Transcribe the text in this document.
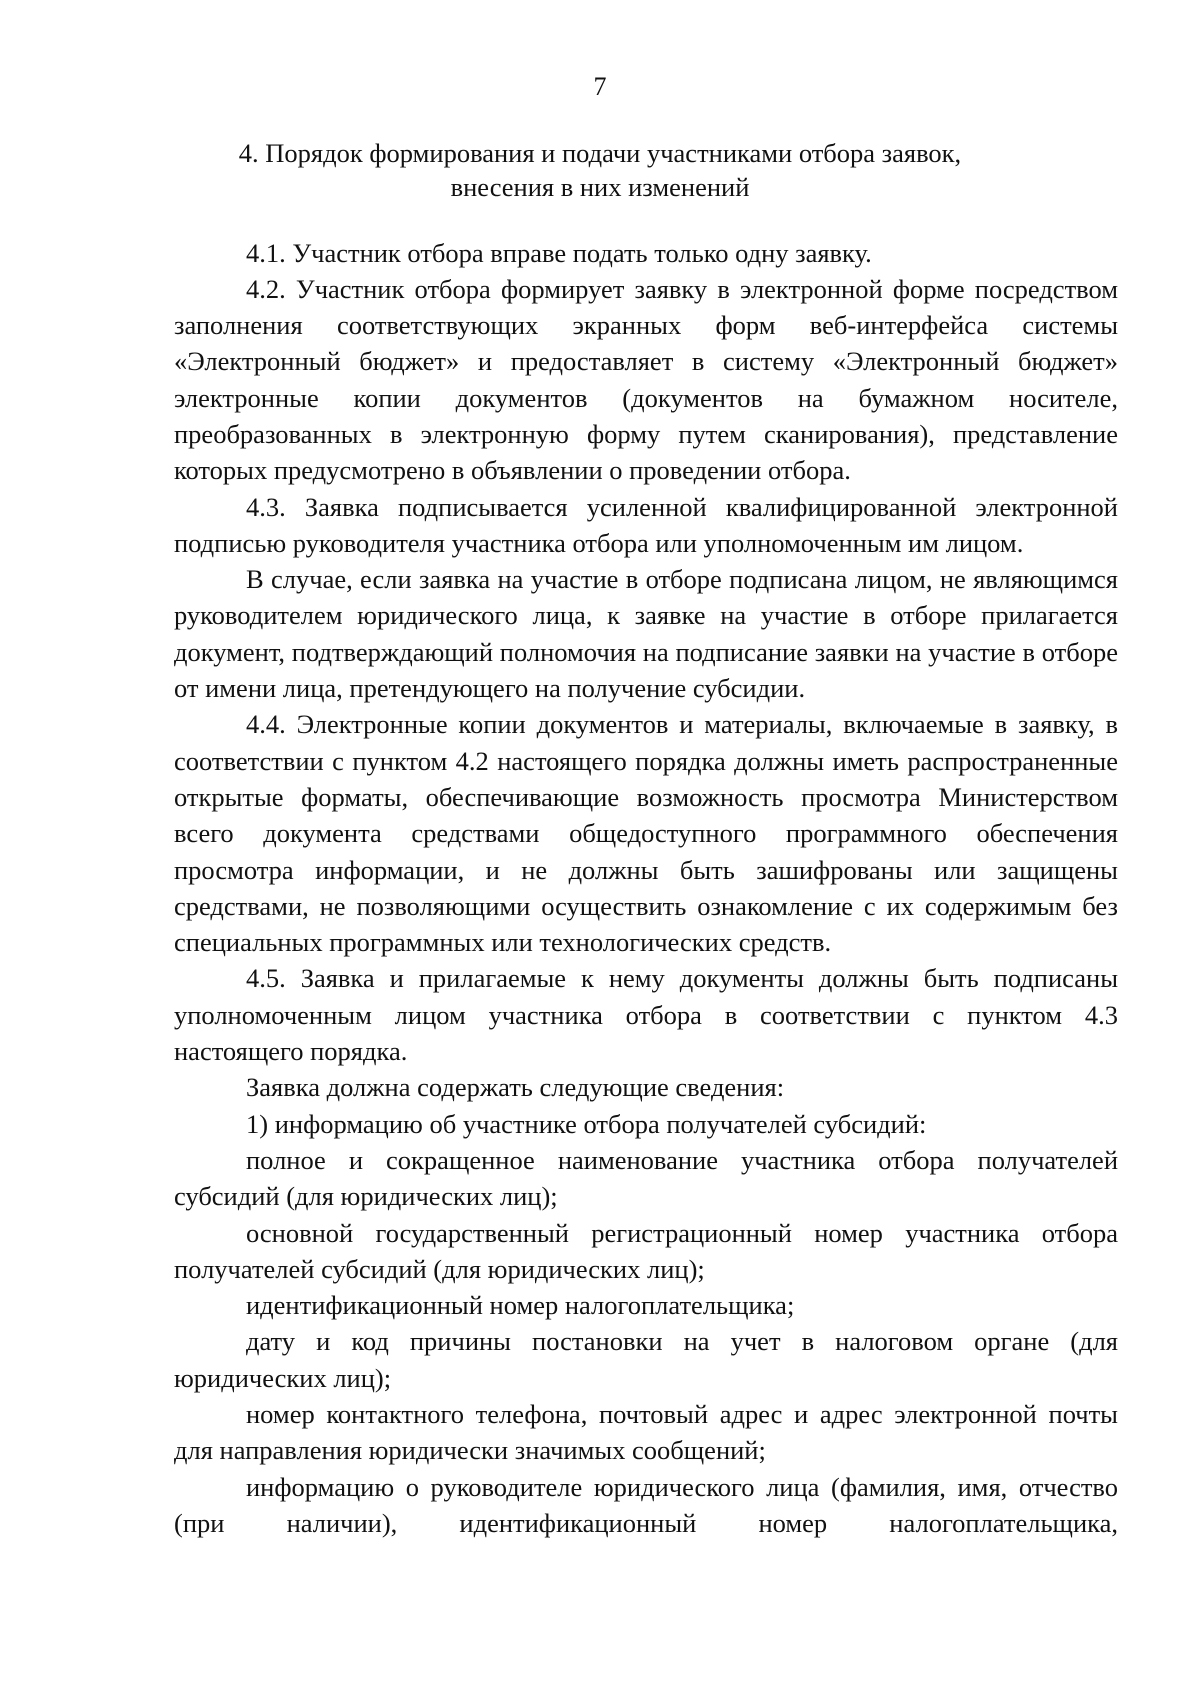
7
4. Порядок формирования и подачи участниками отбора заявок,
внесения в них изменений

4.1. Участник отбора вправе подать только одну заявку.

4.2. Участник отбора формирует заявку в электронной форме посредством заполнения соответствующих экранных форм веб-интерфейса системы «Электронный бюджет» и предоставляет в систему «Электронный бюджет» электронные копии документов (документов на бумажном носителе, преобразованных в электронную форму путем сканирования), представление которых предусмотрено в объявлении о проведении отбора.

4.3. Заявка подписывается усиленной квалифицированной электронной подписью руководителя участника отбора или уполномоченным им лицом.

В случае, если заявка на участие в отборе подписана лицом, не являющимся руководителем юридического лица, к заявке на участие в отборе прилагается документ, подтверждающий полномочия на подписание заявки на участие в отборе от имени лица, претендующего на получение субсидии.

4.4. Электронные копии документов и материалы, включаемые в заявку, в соответствии с пунктом 4.2 настоящего порядка должны иметь распространенные открытые форматы, обеспечивающие возможность просмотра Министерством всего документа средствами общедоступного программного обеспечения просмотра информации, и не должны быть зашифрованы или защищены средствами, не позволяющими осуществить ознакомление с их содержимым без специальных программных или технологических средств.

4.5. Заявка и прилагаемые к нему документы должны быть подписаны уполномоченным лицом участника отбора в соответствии с пунктом 4.3 настоящего порядка.

Заявка должна содержать следующие сведения:

1) информацию об участнике отбора получателей субсидий:

полное и сокращенное наименование участника отбора получателей субсидий (для юридических лиц);

основной государственный регистрационный номер участника отбора получателей субсидий (для юридических лиц);

идентификационный номер налогоплательщика;

дату и код причины постановки на учет в налоговом органе (для юридических лиц);

номер контактного телефона, почтовый адрес и адрес электронной почты для направления юридически значимых сообщений;

информацию о руководителе юридического лица (фамилия, имя, отчество (при наличии), идентификационный номер налогоплательщика,
